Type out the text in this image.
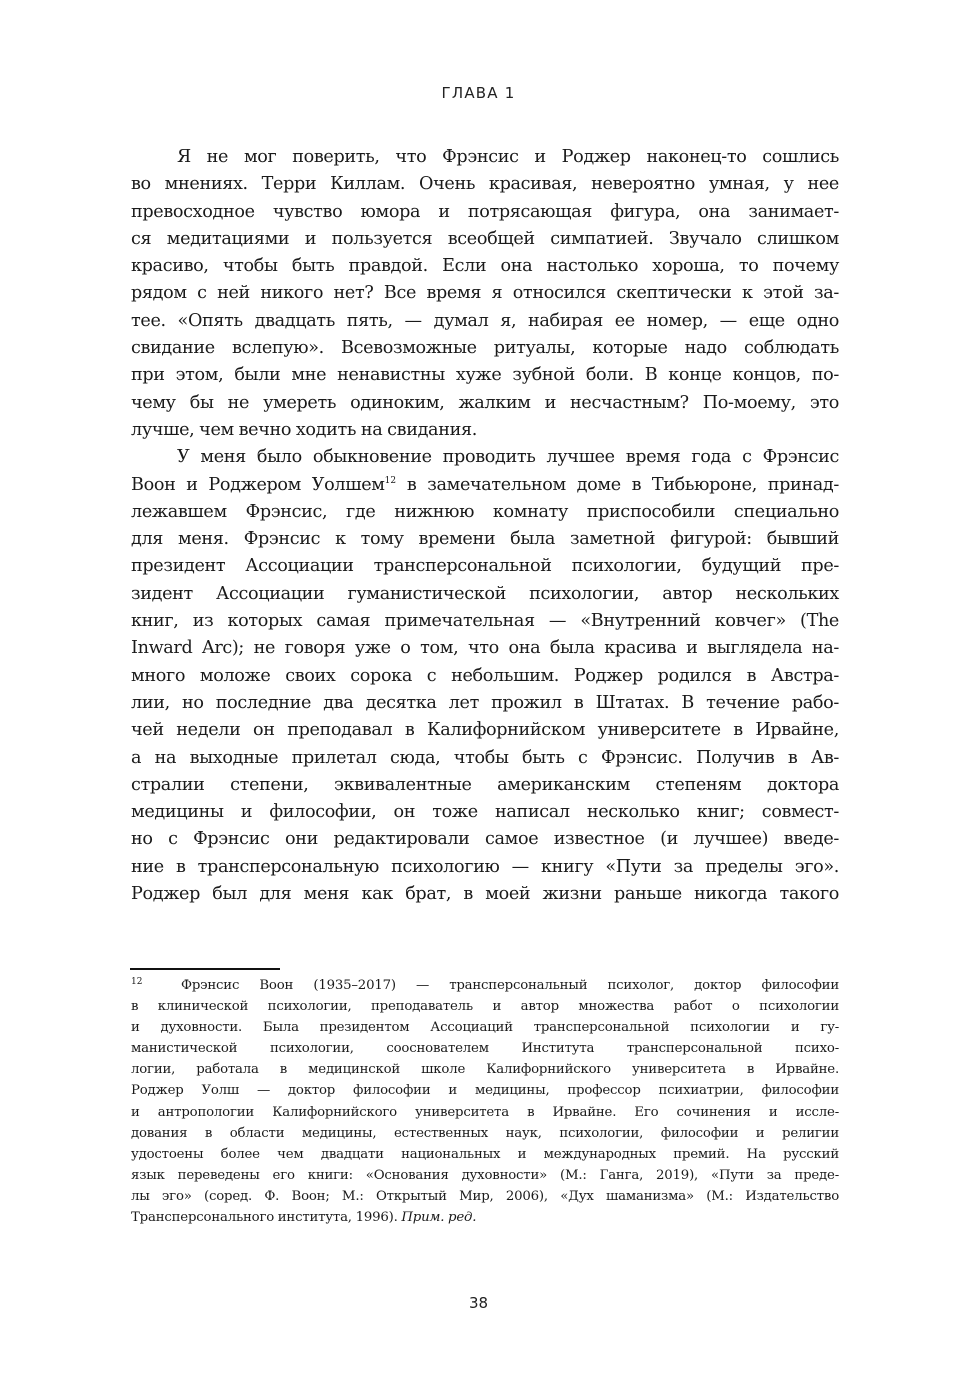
ГЛАВА 1
Я не мог поверить, что Фрэнсис и Роджер наконец-то сошлись
во мнениях. Терри Киллам. Очень красивая, невероятно умная, у нее
превосходное чувство юмора и потрясающая фигура, она занимает-
ся медитациями и пользуется всеобщей симпатией. Звучало слишком
красиво, чтобы быть правдой. Если она настолько хороша, то почему
рядом с ней никого нет? Все время я относился скептически к этой за-
тее. «Опять двадцать пять, — думал я, набирая ее номер, — еще одно
свидание вслепую». Всевозможные ритуалы, которые надо соблюдать
при этом, были мне ненавистны хуже зубной боли. В конце концов, по-
чему бы не умереть одиноким, жалким и несчастным? По-моему, это
лучше, чем вечно ходить на свидания.
У меня было обыкновение проводить лучшее время года с Фрэнсис
Воон и Роджером Уолшем$^{12}$ в замечательном доме в Тибьюроне, принад-
лежавшем Фрэнсис, где нижнюю комнату приспособили специально
для меня. Фрэнсис к тому времени была заметной фигурой: бывший
президент Ассоциации трансперсональной психологии, будущий пре-
зидент Ассоциации гуманистической психологии, автор нескольких
книг, из которых самая примечательная — «Внутренний ковчег» (The
Inward Arc); не говоря уже о том, что она была красива и выглядела на-
много моложе своих сорока с небольшим. Роджер родился в Австра-
лии, но последние два десятка лет прожил в Штатах. В течение рабо-
чей недели он преподавал в Калифорнийском университете в Ирвайне,
а на выходные прилетал сюда, чтобы быть с Фрэнсис. Получив в Ав-
стралии степени, эквивалентные американским степеням доктора
медицины и философии, он тоже написал несколько книг; совмест-
но с Фрэнсис они редактировали самое известное (и лучшее) введе-
ние в трансперсональную психологию — книгу «Пути за пределы эго».
Роджер был для меня как брат, в моей жизни раньше никогда такого
12	Фрэнсис Воон (1935–2017) — трансперсональный психолог, доктор философии
в клинической психологии, преподаватель и автор множества работ о психологии
и духовности. Была президентом Ассоциаций трансперсональной психологии и гу-
манистической психологии, сооснователем Института трансперсональной психо-
логии, работала в медицинской школе Калифорнийского университета в Ирвайне.
Роджер Уолш — доктор философии и медицины, профессор психиатрии, философии
и антропологии Калифорнийского университета в Ирвайне. Его сочинения и иссле-
дования в области медицины, естественных наук, психологии, философии и религии
удостоены более чем двадцати национальных и международных премий. На русский
язык переведены его книги: «Основания духовности» (М.: Ганга, 2019), «Пути за преде-
лы эго» (соред. Ф. Воон; М.: Открытый Мир, 2006), «Дух шаманизма» (М.: Издательство
Трансперсонального института, 1996). Прим. ред.
38
